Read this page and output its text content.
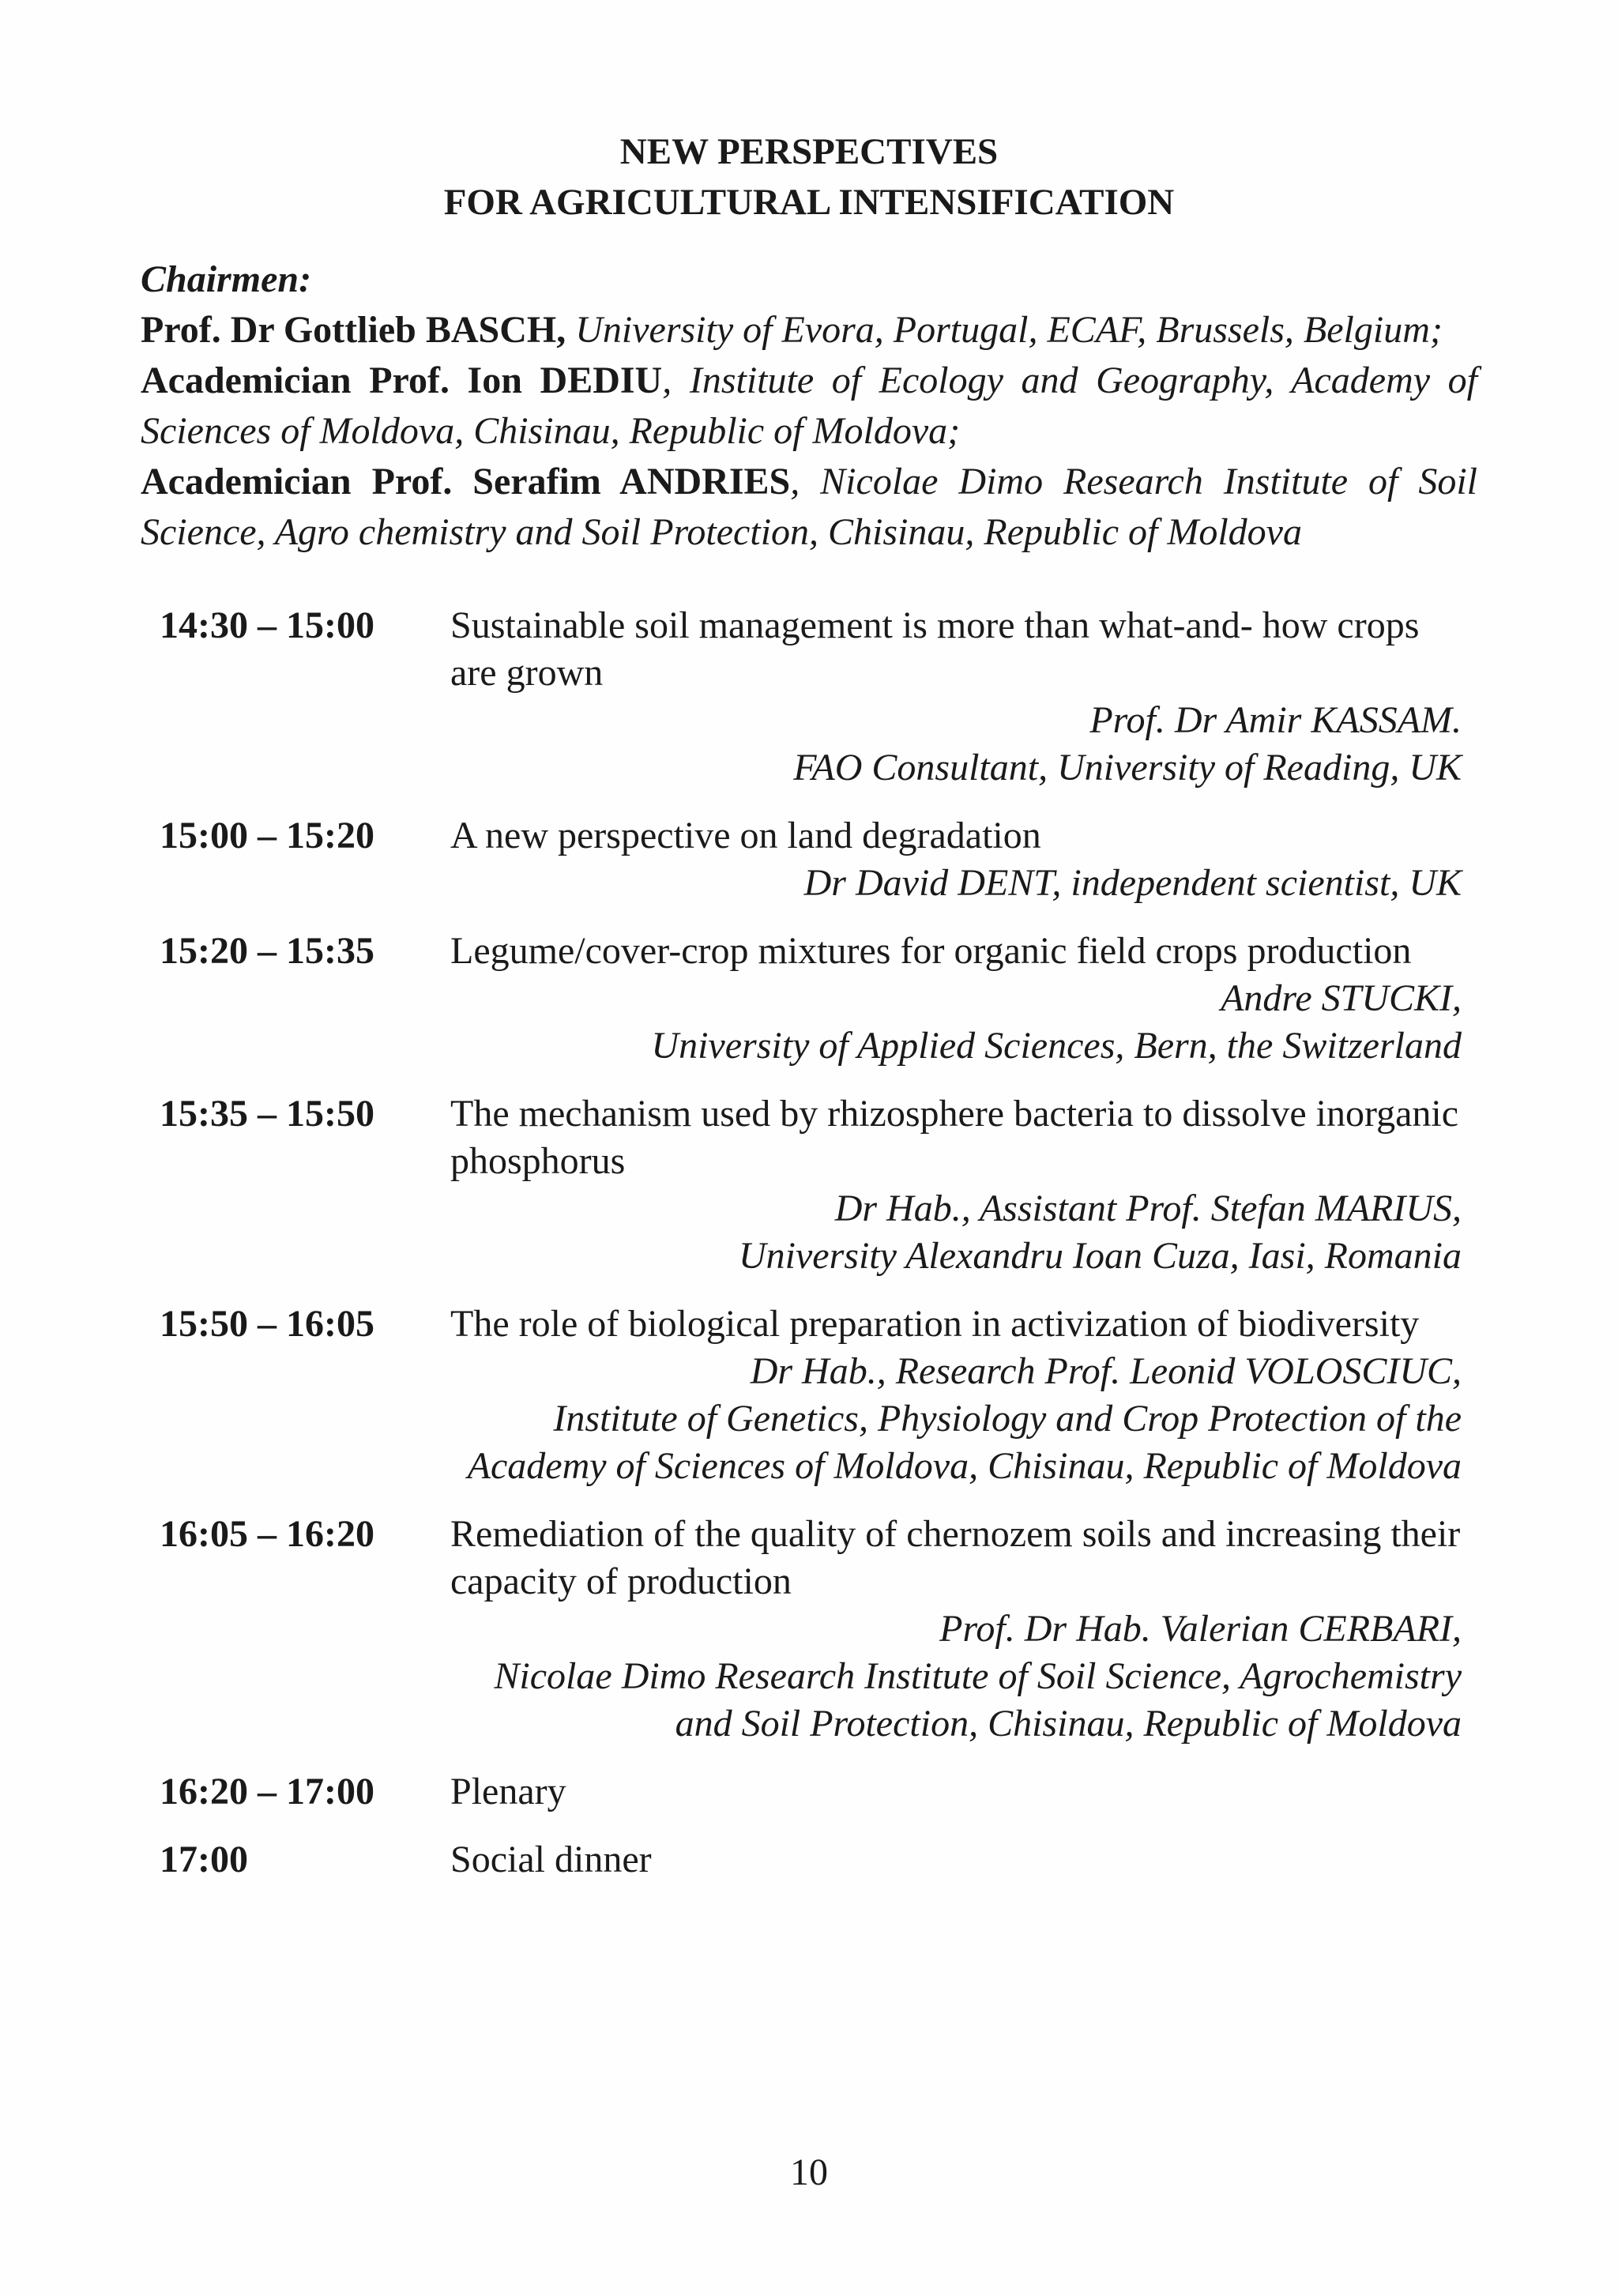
NEW PERSPECTIVES
FOR AGRICULTURAL INTENSIFICATION

Chairmen:
Prof. Dr Gottlieb BASCH, University of Evora, Portugal, ECAF, Brussels, Belgium;
Academician Prof. Ion DEDIU, Institute of Ecology and Geography, Academy of Sciences of Moldova, Chisinau, Republic of Moldova;
Academician Prof. Serafim ANDRIES, Nicolae Dimo Research Institute of Soil Science, Agro chemistry and Soil Protection, Chisinau, Republic of Moldova
14:30 – 15:00	Sustainable soil management is more than what-and- how crops are grown
Prof. Dr Amir KASSAM.
FAO Consultant, University of Reading, UK
15:00 – 15:20	A new perspective on land degradation
Dr David DENT, independent scientist, UK
15:20 – 15:35	Legume/cover-crop mixtures for organic field crops production
Andre STUCKI,
University of Applied Sciences, Bern, the Switzerland
15:35 – 15:50	The mechanism used by rhizosphere bacteria to dissolve inorganic phosphorus
Dr Hab., Assistant Prof. Stefan MARIUS,
University Alexandru Ioan Cuza, Iasi, Romania
15:50 – 16:05	The role of biological preparation in activization of biodiversity
Dr Hab., Research Prof. Leonid VOLOSCIUC,
Institute of Genetics, Physiology and Crop Protection of the Academy of Sciences of Moldova, Chisinau, Republic of Moldova
16:05 – 16:20	Remediation of the quality of chernozem soils and increasing their capacity of production
Prof. Dr Hab. Valerian CERBARI,
Nicolae Dimo Research Institute of Soil Science, Agrochemistry and Soil Protection, Chisinau, Republic of Moldova
16:20 – 17:00	Plenary
17:00	Social dinner
10
